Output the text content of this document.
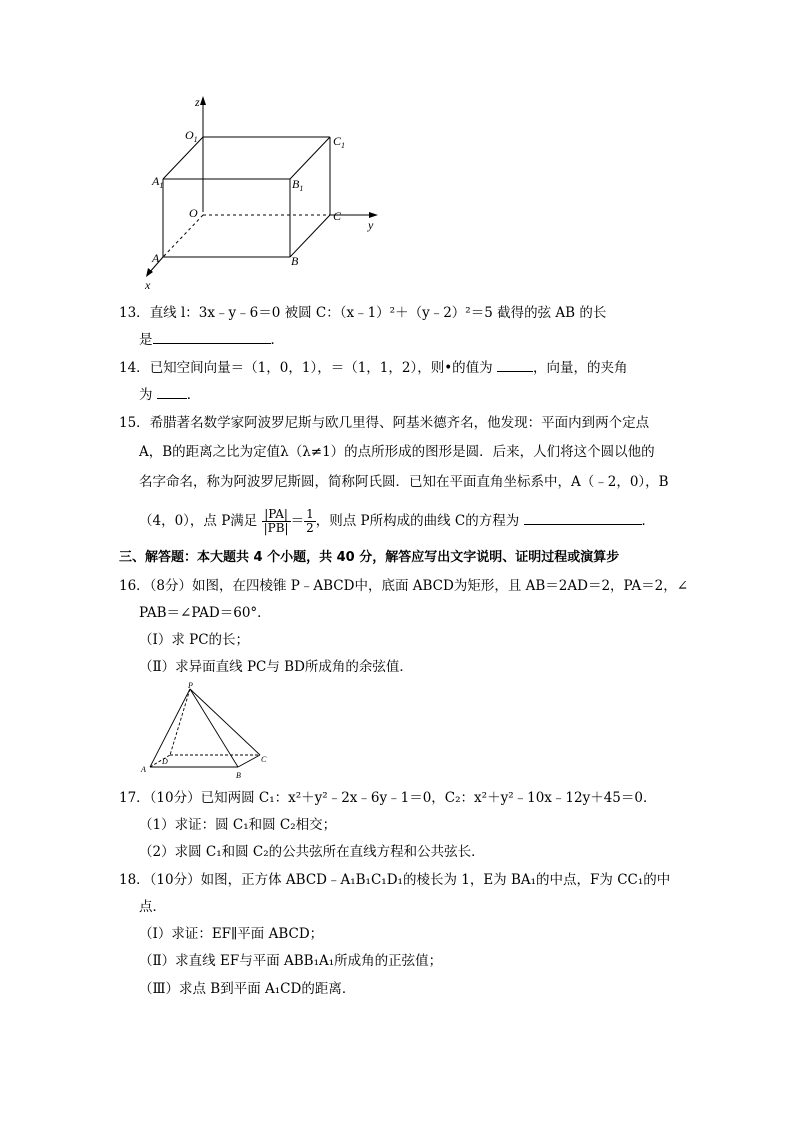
z
y
x
$O_1$	$C_1$
$A_1$	$B_1$
O	C
A	B
13．直线 l：3x﹣y﹣6＝0 被圆 C：（x﹣1）²＋（y﹣2）²＝5 截得的弦 AB 的长
是	．
14．已知空间向量＝（1，0，1），＝（1，1，2），则•的值为	，向量，的夹角
为	．
15．希腊著名数学家阿波罗尼斯与欧几里得、阿基米德齐名，他发现：平面内到两个定点
A，B的距离之比为定值λ（λ≠1）的点所形成的图形是圆．后来，人们将这个圆以他的
名字命名，称为阿波罗尼斯圆，简称阿氏圆．已知在平面直角坐标系中，A（﹣2，0），B
（4，0），点 P满足 $\frac{|PA|}{|PB|} = \frac{1}{2}$ ，则点 P所构成的曲线 C的方程为	．
三、解答题：本大题共 4 个小题，共 40 分，解答应写出文字说明、证明过程或演算步
16．（8分）如图，在四棱锥 P﹣ABCD中，底面 ABCD为矩形，且 AB＝2AD＝2，PA＝2，∠
PAB＝∠PAD＝60°．
（Ⅰ）求 PC的长；
（Ⅱ）求异面直线 PC与 BD所成角的余弦值．
P
A
D
B
C
17．（10分）已知两圆 C₁：x²＋y²﹣2x﹣6y﹣1＝0，C₂：x²＋y²﹣10x﹣12y＋45＝0．
（1）求证：圆 C₁和圆 C₂相交；
（2）求圆 C₁和圆 C₂的公共弦所在直线方程和公共弦长．
18．（10分）如图，正方体 ABCD﹣A₁B₁C₁D₁的棱长为 1，E为 BA₁的中点，F为 CC₁的中
点．
（Ⅰ）求证：EF∥平面 ABCD；
（Ⅱ）求直线 EF与平面 ABB₁A₁所成角的正弦值；
（Ⅲ）求点 B到平面 A₁CD的距离．
